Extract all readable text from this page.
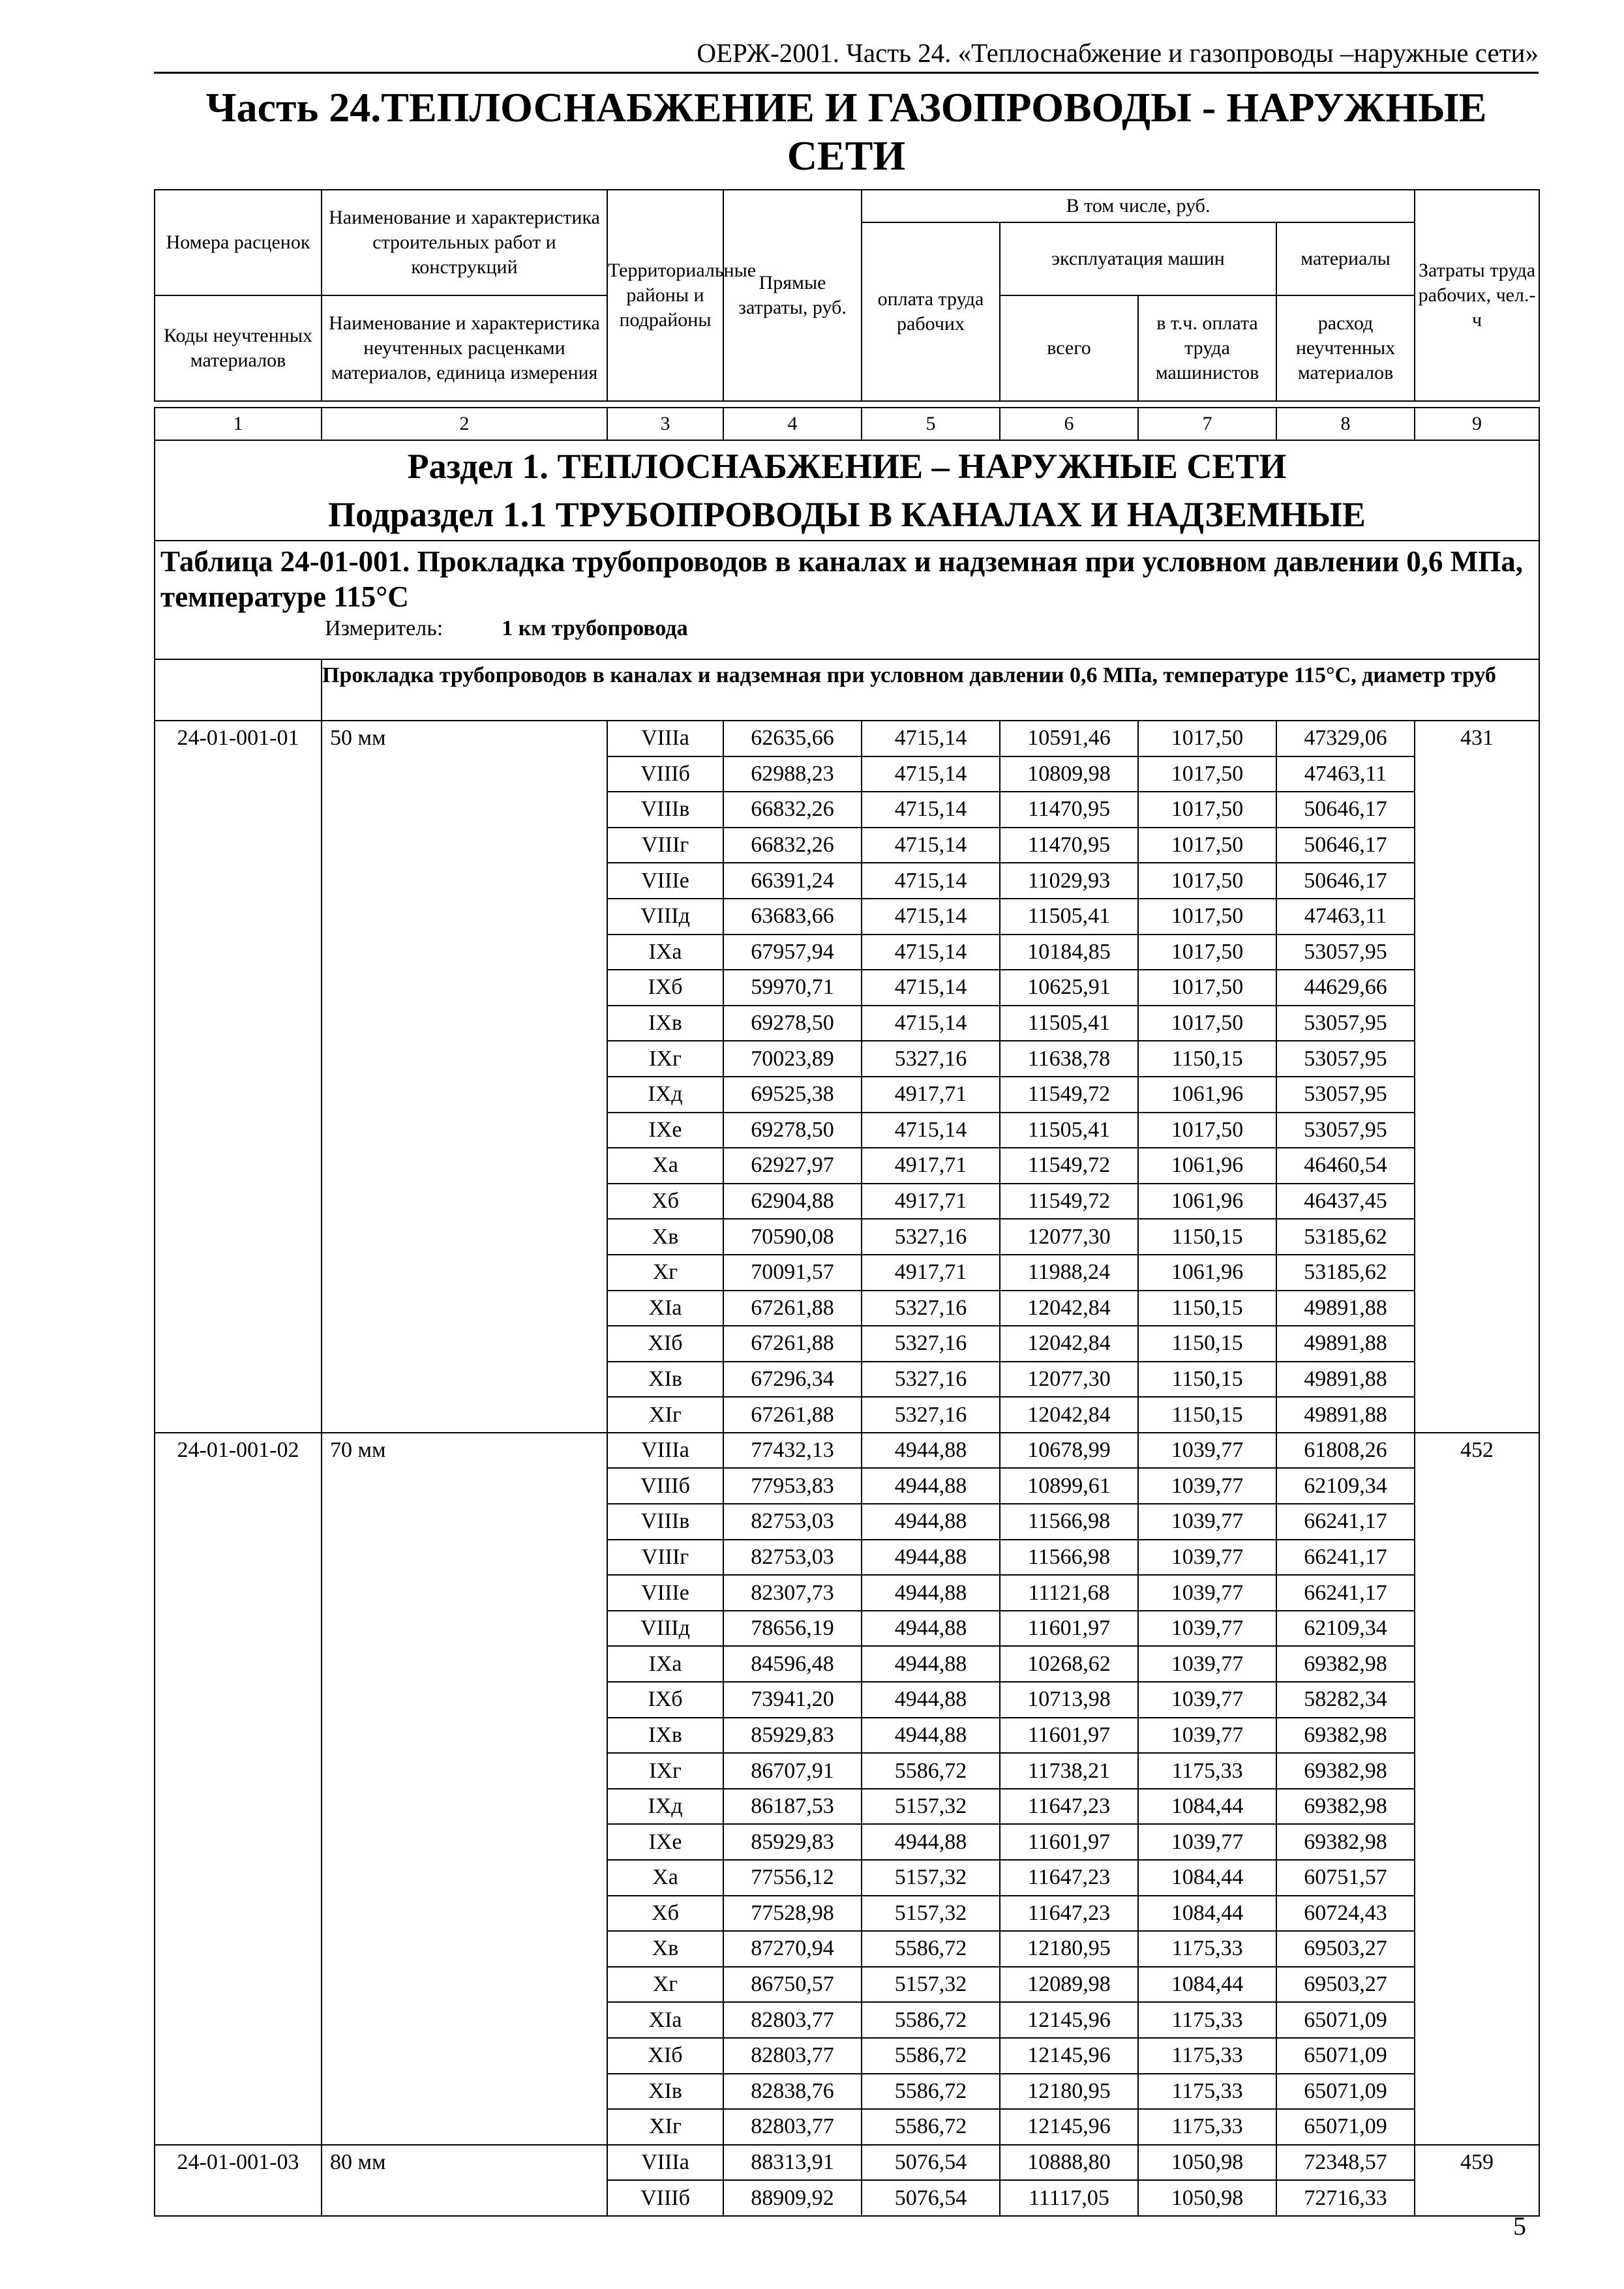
ОЕРЖ-2001. Часть 24. «Теплоснабжение и газопроводы –наружные сети»
Часть 24.ТЕПЛОСНАБЖЕНИЕ И ГАЗОПРОВОДЫ - НАРУЖНЫЕ
СЕТИ
Номера расценок	Наименование и характеристика строительных работ и конструкций	Территориальные районы и подрайоны	Прямые затраты, руб.	В том числе, руб.				Затраты труда рабочих, чел.-ч
				оплата труда рабочих	эксплуатация машин		материалы	
Коды неучтенных материалов	Наименование и характеристика неучтенных расценками материалов, единица измерения				всего	в т.ч. оплата труда машинистов	расход неучтенных материалов	

1	2	3	4	5	6	7	8	9

Раздел 1. ТЕПЛОСНАБЖЕНИЕ – НАРУЖНЫЕ СЕТИ
Подраздел 1.1 ТРУБОПРОВОДЫ В КАНАЛАХ И НАДЗЕМНЫЕ								

Таблица 24-01-001. Прокладка трубопроводов в каналах и надземная при условном давлении 0,6 МПа, температуре 115°С
Измеритель: 1 км трубопровода								

	Прокладка трубопроводов в каналах и надземная при условном давлении 0,6 МПа, температуре 115°С, диаметр труб							
24-01-001-01	50 мм	VIIIа	62635,66	4715,14	10591,46	1017,50	47329,06	431
		VIIIб	62988,23	4715,14	10809,98	1017,50	47463,11	
		VIIIв	66832,26	4715,14	11470,95	1017,50	50646,17	
		VIIIг	66832,26	4715,14	11470,95	1017,50	50646,17	
		VIIIе	66391,24	4715,14	11029,93	1017,50	50646,17	
		VIIIд	63683,66	4715,14	11505,41	1017,50	47463,11	
		IXа	67957,94	4715,14	10184,85	1017,50	53057,95	
		IXб	59970,71	4715,14	10625,91	1017,50	44629,66	
		IXв	69278,50	4715,14	11505,41	1017,50	53057,95	
		IXг	70023,89	5327,16	11638,78	1150,15	53057,95	
		IXд	69525,38	4917,71	11549,72	1061,96	53057,95	
		IXе	69278,50	4715,14	11505,41	1017,50	53057,95	
		Xа	62927,97	4917,71	11549,72	1061,96	46460,54	
		Xб	62904,88	4917,71	11549,72	1061,96	46437,45	
		Xв	70590,08	5327,16	12077,30	1150,15	53185,62	
		Xг	70091,57	4917,71	11988,24	1061,96	53185,62	
		XIа	67261,88	5327,16	12042,84	1150,15	49891,88	
		XIб	67261,88	5327,16	12042,84	1150,15	49891,88	
		XIв	67296,34	5327,16	12077,30	1150,15	49891,88	
		XIг	67261,88	5327,16	12042,84	1150,15	49891,88	
24-01-001-02	70 мм	VIIIа	77432,13	4944,88	10678,99	1039,77	61808,26	452
		VIIIб	77953,83	4944,88	10899,61	1039,77	62109,34	
		VIIIв	82753,03	4944,88	11566,98	1039,77	66241,17	
		VIIIг	82753,03	4944,88	11566,98	1039,77	66241,17	
		VIIIе	82307,73	4944,88	11121,68	1039,77	66241,17	
		VIIIд	78656,19	4944,88	11601,97	1039,77	62109,34	
		IXа	84596,48	4944,88	10268,62	1039,77	69382,98	
		IXб	73941,20	4944,88	10713,98	1039,77	58282,34	
		IXв	85929,83	4944,88	11601,97	1039,77	69382,98	
		IXг	86707,91	5586,72	11738,21	1175,33	69382,98	
		IXд	86187,53	5157,32	11647,23	1084,44	69382,98	
		IXе	85929,83	4944,88	11601,97	1039,77	69382,98	
		Xа	77556,12	5157,32	11647,23	1084,44	60751,57	
		Xб	77528,98	5157,32	11647,23	1084,44	60724,43	
		Xв	87270,94	5586,72	12180,95	1175,33	69503,27	
		Xг	86750,57	5157,32	12089,98	1084,44	69503,27	
		XIа	82803,77	5586,72	12145,96	1175,33	65071,09	
		XIб	82803,77	5586,72	12145,96	1175,33	65071,09	
		XIв	82838,76	5586,72	12180,95	1175,33	65071,09	
		XIг	82803,77	5586,72	12145,96	1175,33	65071,09	
24-01-001-03	80 мм	VIIIа	88313,91	5076,54	10888,80	1050,98	72348,57	459
		VIIIб	88909,92	5076,54	11117,05	1050,98	72716,33	
5
